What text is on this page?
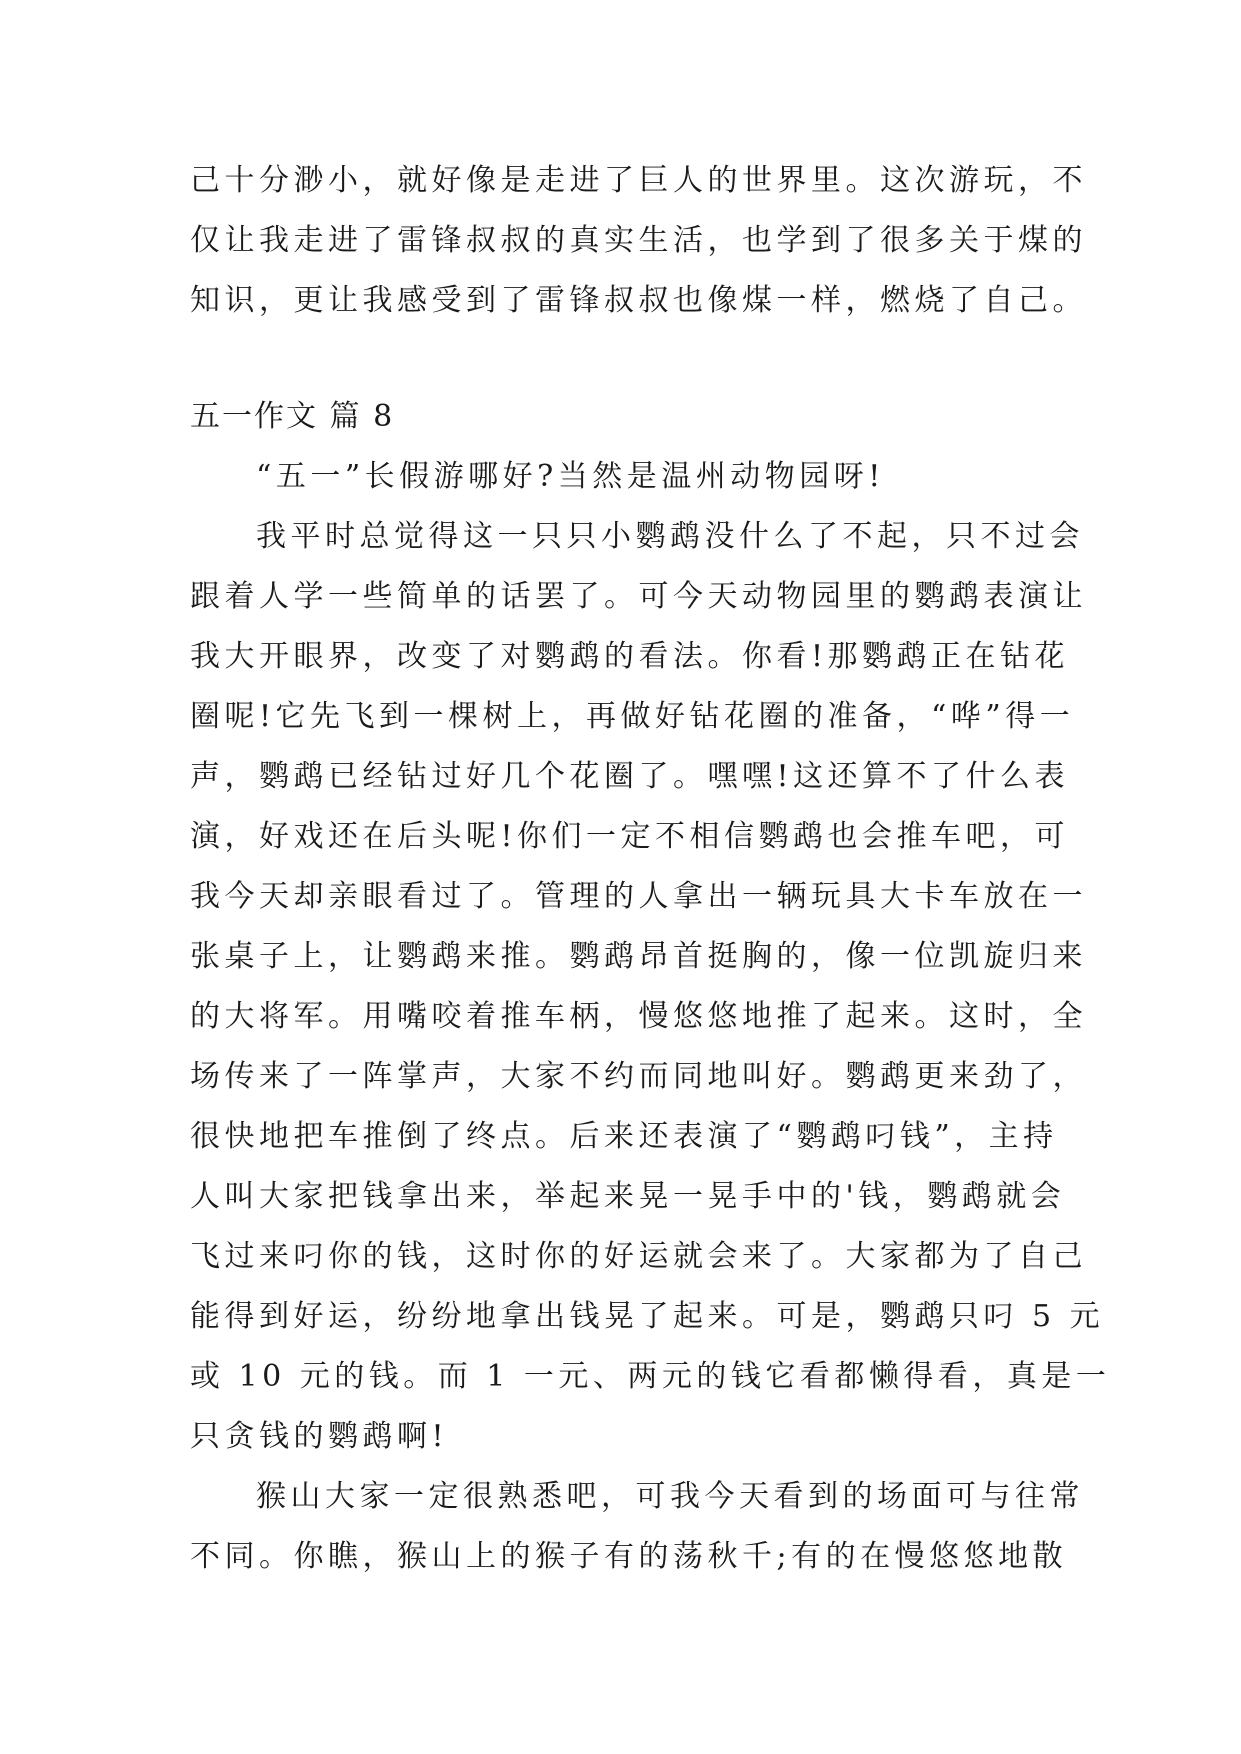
己十分渺小，就好像是走进了巨人的世界里。这次游玩，不
仅让我走进了雷锋叔叔的真实生活，也学到了很多关于煤的
知识，更让我感受到了雷锋叔叔也像煤一样，燃烧了自己。
五一作文 篇 8
“五一”长假游哪好?当然是温州动物园呀!
我平时总觉得这一只只小鹦鹉没什么了不起，只不过会
跟着人学一些简单的话罢了。可今天动物园里的鹦鹉表演让
我大开眼界，改变了对鹦鹉的看法。你看!那鹦鹉正在钻花
圈呢!它先飞到一棵树上，再做好钻花圈的准备，“哗”得一
声，鹦鹉已经钻过好几个花圈了。嘿嘿!这还算不了什么表
演，好戏还在后头呢!你们一定不相信鹦鹉也会推车吧，可
我今天却亲眼看过了。管理的人拿出一辆玩具大卡车放在一
张桌子上，让鹦鹉来推。鹦鹉昂首挺胸的，像一位凯旋归来
的大将军。用嘴咬着推车柄，慢悠悠地推了起来。这时，全
场传来了一阵掌声，大家不约而同地叫好。鹦鹉更来劲了，
很快地把车推倒了终点。后来还表演了“鹦鹉叼钱”，主持
人叫大家把钱拿出来，举起来晃一晃手中的'钱，鹦鹉就会
飞过来叼你的钱，这时你的好运就会来了。大家都为了自己
能得到好运，纷纷地拿出钱晃了起来。可是，鹦鹉只叼 5 元
或 10 元的钱。而 1 一元、两元的钱它看都懒得看，真是一
只贪钱的鹦鹉啊!
猴山大家一定很熟悉吧，可我今天看到的场面可与往常
不同。你瞧，猴山上的猴子有的荡秋千;有的在慢悠悠地散
